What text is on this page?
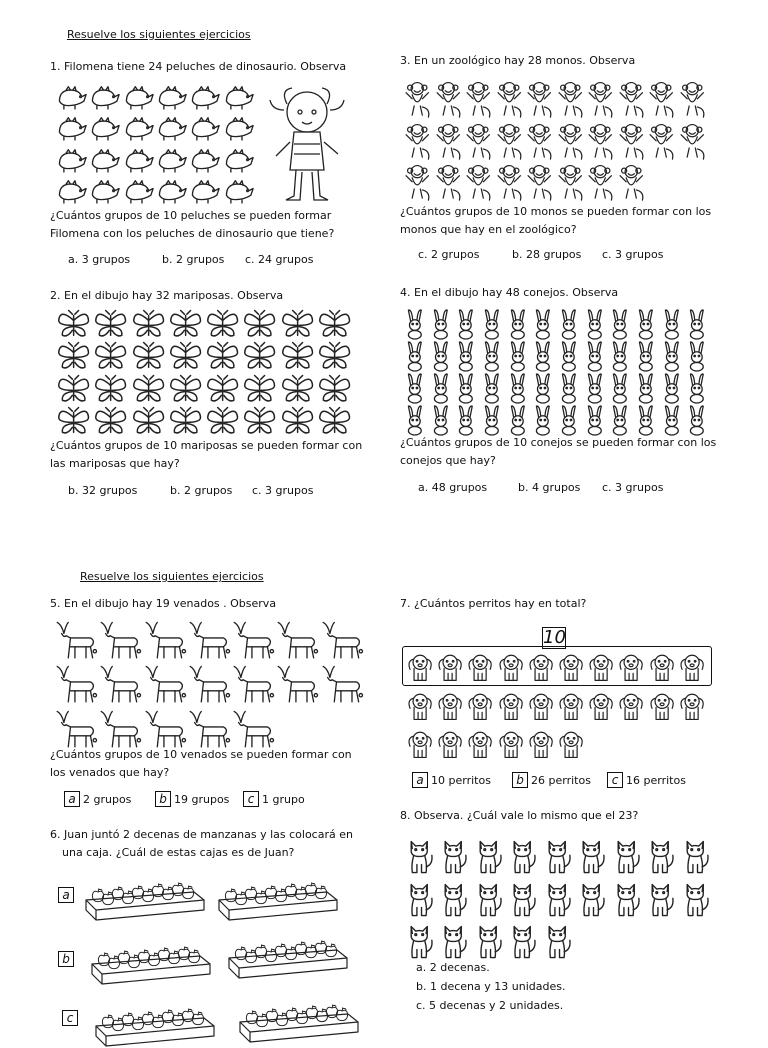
Resuelve los siguientes ejercicios
1. Filomena tiene 24 peluches de dinosaurio. Observa
¿Cuántos grupos de 10 peluches se pueden formar
Filomena con los peluches de dinosaurio que tiene?
a. 3 grupos	b. 2 grupos c. 24 grupos
2. En el dibujo hay 32 mariposas. Observa
¿Cuántos grupos de 10 mariposas se pueden formar con
las mariposas que hay?
b. 32 grupos	b. 2 grupos c. 3 grupos
3. En un zoológico hay 28 monos. Observa
¿Cuántos grupos de 10 monos se pueden formar con los
monos que hay en el zoológico?
c. 2 grupos	b. 28 grupos c. 3 grupos
4. En el dibujo hay 48 conejos. Observa
¿Cuántos grupos de 10 conejos se pueden formar con los
conejos que hay?
a. 48 grupos	b. 4 grupos c. 3 grupos
Resuelve los siguientes ejercicios
5. En el dibujo hay 19 venados . Observa
¿Cuántos grupos de 10 venados se pueden formar con
los venados que hay?
a 2 grupos	b 19 grupos	c 1 grupo
6. Juan juntó 2 decenas de manzanas y las colocará en
una caja. ¿Cuál de estas cajas es de Juan?
a
b
c
7. ¿Cuántos perritos hay en total?
10
a 10 perritos	b 26 perritos	c 16 perritos
8. Observa. ¿Cuál vale lo mismo que el 23?
a. 2 decenas.
b. 1 decena y 13 unidades.
c. 5 decenas y 2 unidades.
